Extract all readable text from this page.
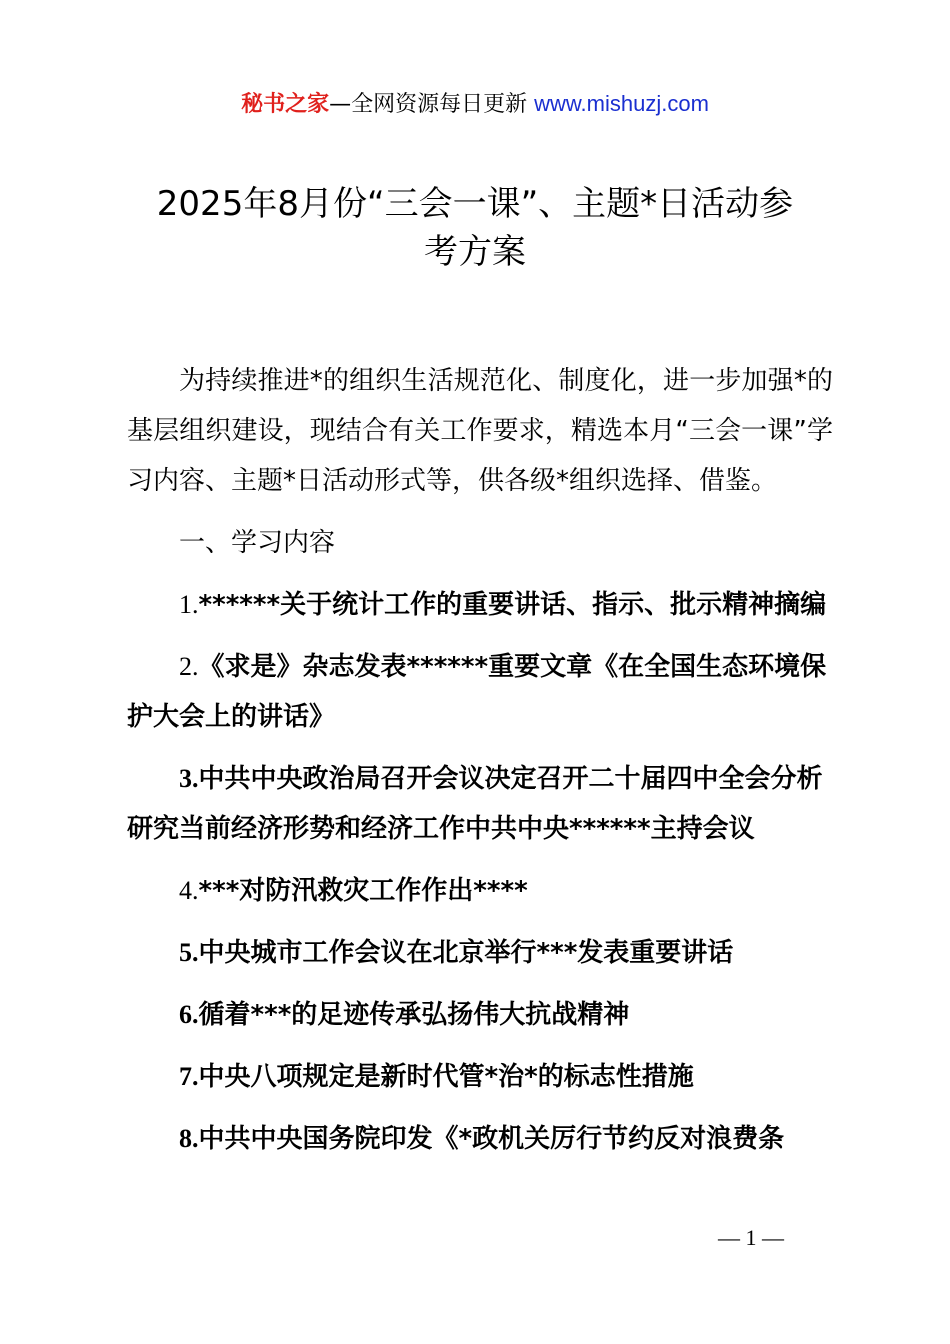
秘书之家—全网资源每日更新 www.mishuzj.com
2025年8月份“三会一课”、主题*日活动参
考方案

为持续推进*的组织生活规范化、制度化，进一步加强*的基层组织建设，现结合有关工作要求，精选本月“三会一课”学习内容、主题*日活动形式等，供各级*组织选择、借鉴。

一、学习内容

1.******关于统计工作的重要讲话、指示、批示精神摘编

2.《求是》杂志发表******重要文章《在全国生态环境保护大会上的讲话》

3.中共中央政治局召开会议决定召开二十届四中全会分析研究当前经济形势和经济工作中共中央******主持会议

4.***对防汛救灾工作作出****

5.中央城市工作会议在北京举行***发表重要讲话

6.循着***的足迹传承弘扬伟大抗战精神

7.中央八项规定是新时代管*治*的标志性措施

8.中共中央国务院印发《*政机关厉行节约反对浪费条

— 1 —
